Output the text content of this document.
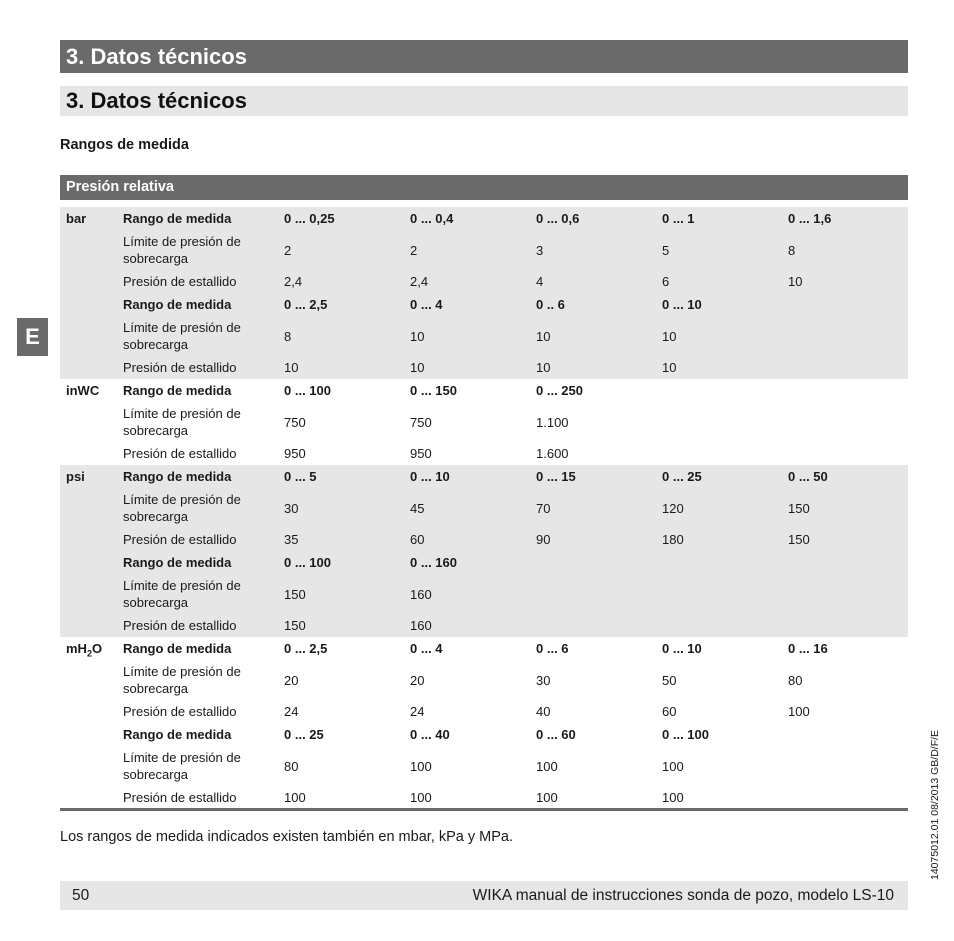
3. Datos técnicos
3. Datos técnicos
Rangos de medida
Presión relativa
bar	Rango de medida	0 ... 0,25	0 ... 0,4	0 ... 0,6	0 ... 1	0 ... 1,6
	Límite de presión de sobrecarga	2	2	3	5	8
	Presión de estallido	2,4	2,4	4	6	10
	Rango de medida	0 ... 2,5	0 ... 4	0 .. 6	0 ... 10	
	Límite de presión de sobrecarga	8	10	10	10	
	Presión de estallido	10	10	10	10	
inWC	Rango de medida	0 ... 100	0 ... 150	0 ... 250		
	Límite de presión de sobrecarga	750	750	1.100		
	Presión de estallido	950	950	1.600		
psi	Rango de medida	0 ... 5	0 ... 10	0 ... 15	0 ... 25	0 ... 50
	Límite de presión de sobrecarga	30	45	70	120	150
	Presión de estallido	35	60	90	180	150
	Rango de medida	0 ... 100	0 ... 160			
	Límite de presión de sobrecarga	150	160			
	Presión de estallido	150	160			
$mH_2O$	Rango de medida	0 ... 2,5	0 ... 4	0 ... 6	0 ... 10	0 ... 16
	Límite de presión de sobrecarga	20	20	30	50	80
	Presión de estallido	24	24	40	60	100
	Rango de medida	0 ... 25	0 ... 40	0 ... 60	0 ... 100	
	Límite de presión de sobrecarga	80	100	100	100	
	Presión de estallido	100	100	100	100	
Los rangos de medida indicados existen también en mbar, kPa y MPa.
50	WIKA manual de instrucciones sonda de pozo, modelo LS-10
E
14075012.01 08/2013 GB/D/F/E
